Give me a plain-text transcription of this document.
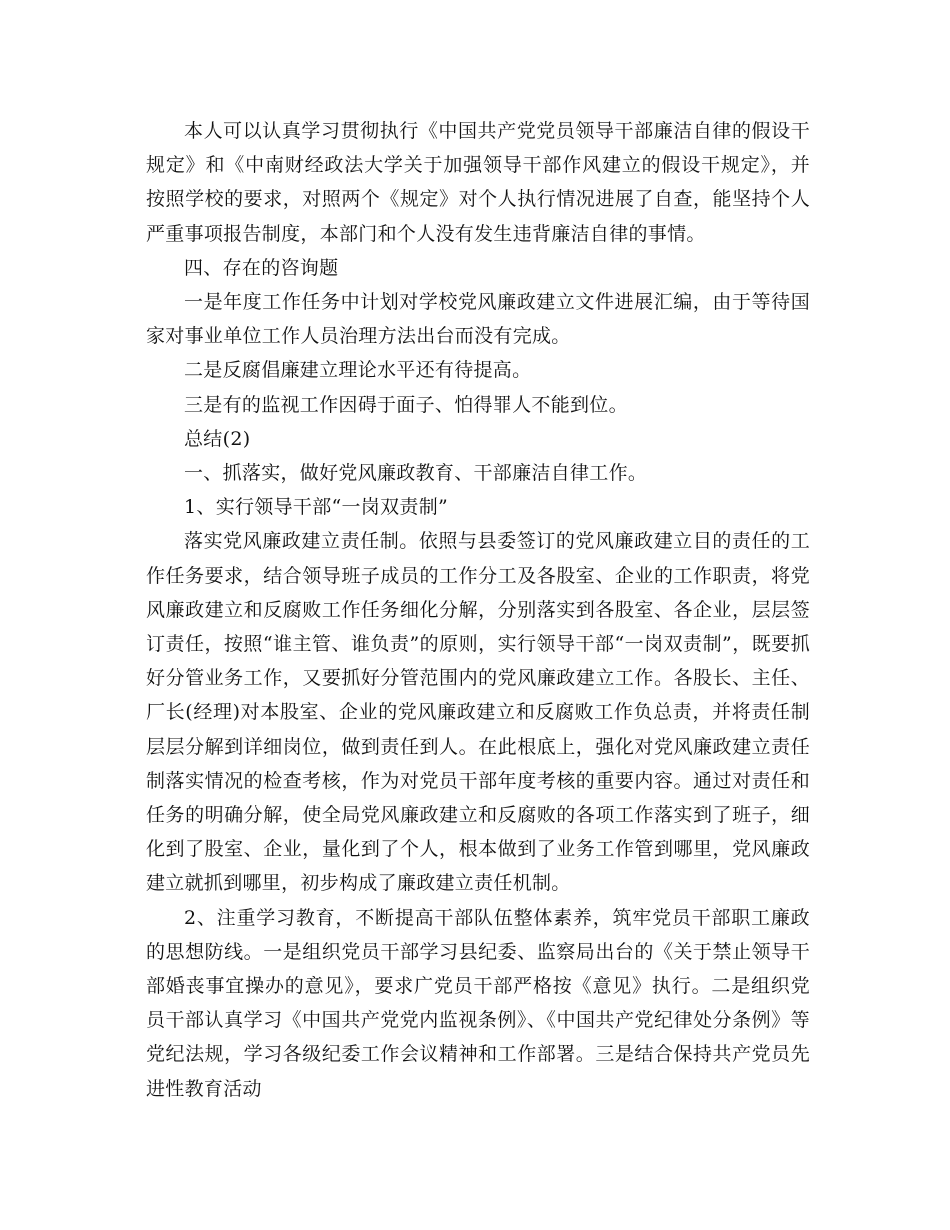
本人可以认真学习贯彻执行《中国共产党党员领导干部廉洁自律的假设干规定》和《中南财经政法大学关于加强领导干部作风建立的假设干规定》，并按照学校的要求，对照两个《规定》对个人执行情况进展了自查，能坚持个人严重事项报告制度，本部门和个人没有发生违背廉洁自律的事情。

四、存在的咨询题

一是年度工作任务中计划对学校党风廉政建立文件进展汇编，由于等待国家对事业单位工作人员治理方法出台而没有完成。

二是反腐倡廉建立理论水平还有待提高。

三是有的监视工作因碍于面子、怕得罪人不能到位。

总结(2)

一、抓落实，做好党风廉政教育、干部廉洁自律工作。

1、实行领导干部“一岗双责制”

落实党风廉政建立责任制。依照与县委签订的党风廉政建立目的责任的工作任务要求，结合领导班子成员的工作分工及各股室、企业的工作职责，将党风廉政建立和反腐败工作任务细化分解，分别落实到各股室、各企业，层层签订责任，按照“谁主管、谁负责”的原则，实行领导干部“一岗双责制”，既要抓好分管业务工作，又要抓好分管范围内的党风廉政建立工作。各股长、主任、厂长(经理)对本股室、企业的党风廉政建立和反腐败工作负总责，并将责任制层层分解到详细岗位，做到责任到人。在此根底上，强化对党风廉政建立责任制落实情况的检查考核，作为对党员干部年度考核的重要内容。通过对责任和任务的明确分解，使全局党风廉政建立和反腐败的各项工作落实到了班子，细化到了股室、企业，量化到了个人，根本做到了业务工作管到哪里，党风廉政建立就抓到哪里，初步构成了廉政建立责任机制。

2、注重学习教育，不断提高干部队伍整体素养，筑牢党员干部职工廉政的思想防线。一是组织党员干部学习县纪委、监察局出台的《关于禁止领导干部婚丧事宜操办的意见》，要求广党员干部严格按《意见》执行。二是组织党员干部认真学习《中国共产党党内监视条例》、《中国共产党纪律处分条例》等党纪法规，学习各级纪委工作会议精神和工作部署。三是结合保持共产党员先进性教育活动
